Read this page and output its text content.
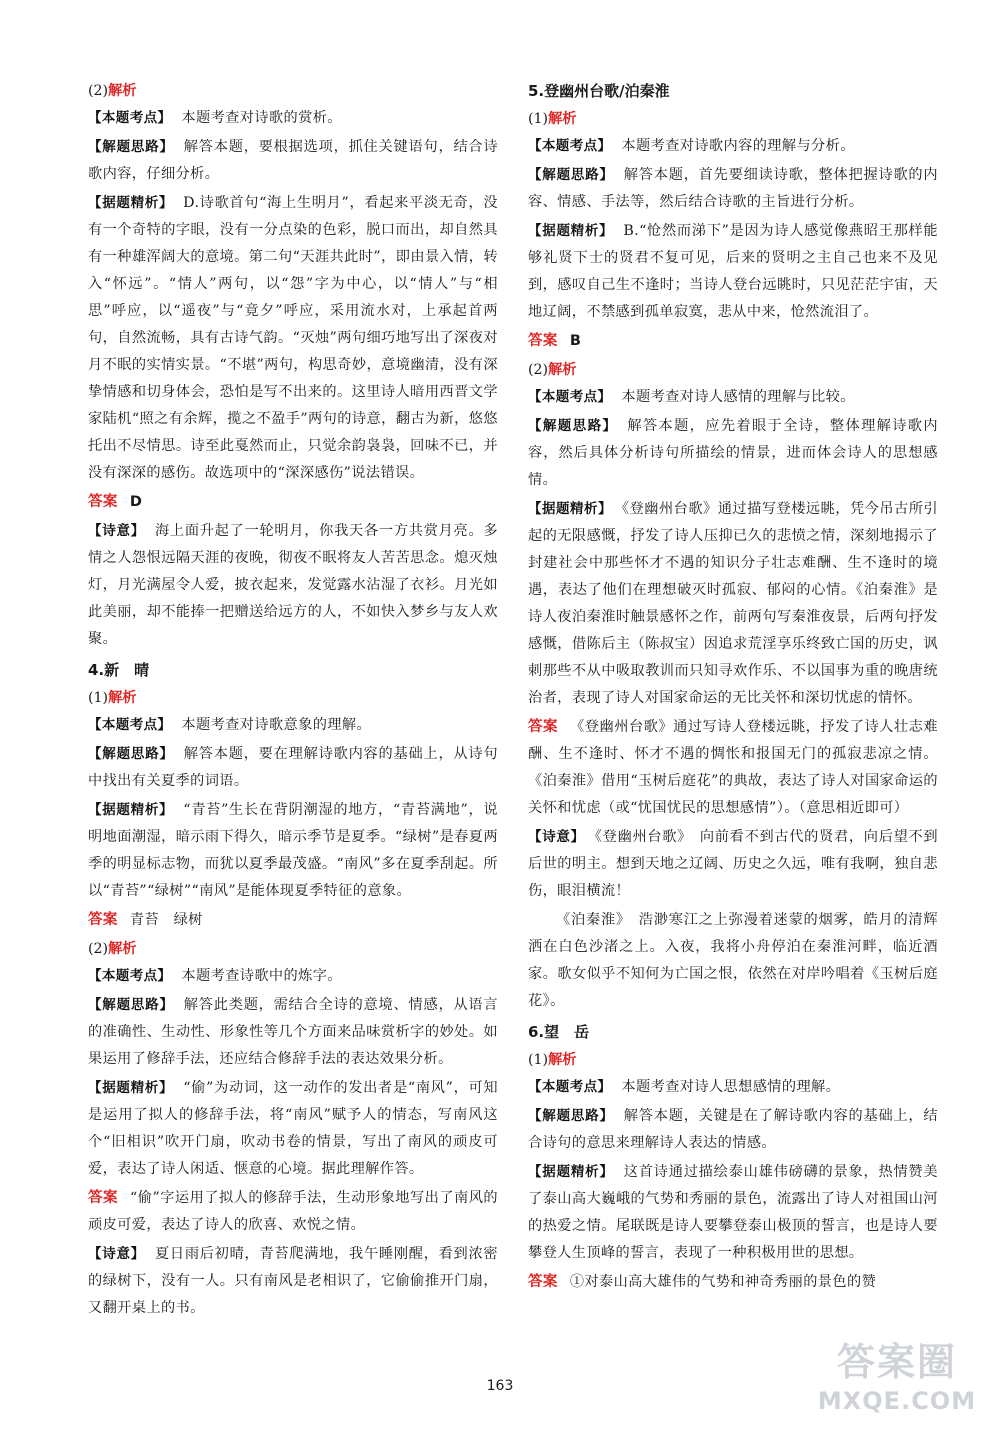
(2)解析

【本题考点】 本题考查对诗歌的赏析。

【解题思路】 解答本题，要根据选项，抓住关键语句，结合诗歌内容，仔细分析。

【据题精析】 D.诗歌首句“海上生明月”，看起来平淡无奇，没有一个奇特的字眼，没有一分点染的色彩，脱口而出，却自然具有一种雄浑阔大的意境。第二句“天涯共此时”，即由景入情，转入“怀远”。“情人”两句，以“怨”字为中心，以“情人”与“相思”呼应，以“遥夜”与“竟夕”呼应，采用流水对，上承起首两句，自然流畅，具有古诗气韵。“灭烛”两句细巧地写出了深夜对月不眠的实情实景。“不堪”两句，构思奇妙，意境幽清，没有深挚情感和切身体会，恐怕是写不出来的。这里诗人暗用西晋文学家陆机“照之有余辉，揽之不盈手”两句的诗意，翻古为新，悠悠托出不尽情思。诗至此戛然而止，只觉余韵袅袅，回味不已，并没有深深的感伤。故选项中的“深深感伤”说法错误。

答案 D

【诗意】 海上面升起了一轮明月，你我天各一方共赏月亮。多情之人怨恨远隔天涯的夜晚，彻夜不眠将友人苦苦思念。熄灭烛灯，月光满屋令人爱，披衣起来，发觉露水沾湿了衣衫。月光如此美丽，却不能捧一把赠送给远方的人，不如快入梦乡与友人欢聚。

4.新　晴

(1)解析

【本题考点】 本题考查对诗歌意象的理解。

【解题思路】 解答本题，要在理解诗歌内容的基础上，从诗句中找出有关夏季的词语。

【据题精析】 “青苔”生长在背阴潮湿的地方，“青苔满地”，说明地面潮湿，暗示雨下得久，暗示季节是夏季。“绿树”是春夏两季的明显标志物，而犹以夏季最茂盛。“南风”多在夏季刮起。所以“青苔”“绿树”“南风”是能体现夏季特征的意象。

答案 青苔　绿树

(2)解析

【本题考点】 本题考查诗歌中的炼字。

【解题思路】 解答此类题，需结合全诗的意境、情感，从语言的准确性、生动性、形象性等几个方面来品味赏析字的妙处。如果运用了修辞手法，还应结合修辞手法的表达效果分析。

【据题精析】 “偷”为动词，这一动作的发出者是“南风”，可知是运用了拟人的修辞手法，将“南风”赋予人的情态，写南风这个“旧相识”吹开门扇，吹动书卷的情景，写出了南风的顽皮可爱，表达了诗人闲适、惬意的心境。据此理解作答。

答案 “偷”字运用了拟人的修辞手法，生动形象地写出了南风的顽皮可爱，表达了诗人的欣喜、欢悦之情。

【诗意】 夏日雨后初晴，青苔爬满地，我午睡刚醒，看到浓密的绿树下，没有一人。只有南风是老相识了，它偷偷推开门扇，又翻开桌上的书。

5.登幽州台歌/泊秦淮

(1)解析

【本题考点】 本题考查对诗歌内容的理解与分析。

【解题思路】 解答本题，首先要细读诗歌，整体把握诗歌的内容、情感、手法等，然后结合诗歌的主旨进行分析。

【据题精析】 B.“怆然而涕下”是因为诗人感觉像燕昭王那样能够礼贤下士的贤君不复可见，后来的贤明之主自己也来不及见到，感叹自己生不逢时；当诗人登台远眺时，只见茫茫宇宙，天地辽阔，不禁感到孤单寂寞，悲从中来，怆然流泪了。

答案 B

(2)解析

【本题考点】 本题考查对诗人感情的理解与比较。

【解题思路】 解答本题，应先着眼于全诗，整体理解诗歌内容，然后具体分析诗句所描绘的情景，进而体会诗人的思想感情。

【据题精析】 《登幽州台歌》通过描写登楼远眺，凭今吊古所引起的无限感慨，抒发了诗人压抑已久的悲愤之情，深刻地揭示了封建社会中那些怀才不遇的知识分子壮志难酬、生不逢时的境遇，表达了他们在理想破灭时孤寂、郁闷的心情。《泊秦淮》是诗人夜泊秦淮时触景感怀之作，前两句写秦淮夜景，后两句抒发感慨，借陈后主（陈叔宝）因追求荒淫享乐终致亡国的历史，讽刺那些不从中吸取教训而只知寻欢作乐、不以国事为重的晚唐统治者，表现了诗人对国家命运的无比关怀和深切忧虑的情怀。

答案 《登幽州台歌》通过写诗人登楼远眺，抒发了诗人壮志难酬、生不逢时、怀才不遇的惆怅和报国无门的孤寂悲凉之情。《泊秦淮》借用“玉树后庭花”的典故，表达了诗人对国家命运的关怀和忧虑（或“忧国忧民的思想感情”）。（意思相近即可）

【诗意】 《登幽州台歌》　向前看不到古代的贤君，向后望不到后世的明主。想到天地之辽阔、历史之久远，唯有我啊，独自悲伤，眼泪横流！

《泊秦淮》　浩渺寒江之上弥漫着迷蒙的烟雾，皓月的清辉洒在白色沙渚之上。入夜，我将小舟停泊在秦淮河畔，临近酒家。歌女似乎不知何为亡国之恨，依然在对岸吟唱着《玉树后庭花》。

6.望　岳

(1)解析

【本题考点】 本题考查对诗人思想感情的理解。

【解题思路】 解答本题，关键是在了解诗歌内容的基础上，结合诗句的意思来理解诗人表达的情感。

【据题精析】 这首诗通过描绘泰山雄伟磅礴的景象，热情赞美了泰山高大巍峨的气势和秀丽的景色，流露出了诗人对祖国山河的热爱之情。尾联既是诗人要攀登泰山极顶的誓言，也是诗人要攀登人生顶峰的誓言，表现了一种积极用世的思想。

答案 ①对泰山高大雄伟的气势和神奇秀丽的景色的赞

163
答案圈
MXQE.COM
